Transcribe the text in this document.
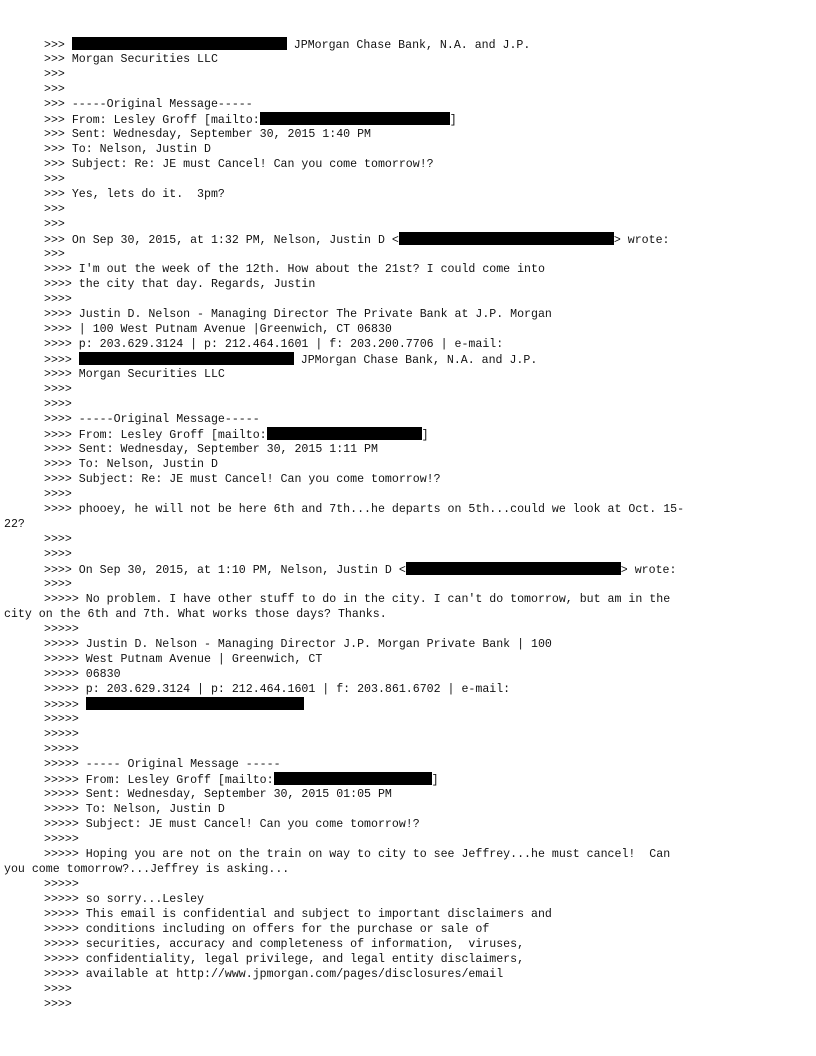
>>>	JPMorgan Chase Bank, N.A. and J.P.
>>> Morgan Securities LLC
>>>
>>>
>>> -----Original Message-----
>>> From: Lesley Groff [mailto:	]
>>> Sent: Wednesday, September 30, 2015 1:40 PM
>>> To: Nelson, Justin D
>>> Subject: Re: JE must Cancel! Can you come tomorrow!?
>>>
>>> Yes, lets do it.  3pm?
>>>
>>>
>>> On Sep 30, 2015, at 1:32 PM, Nelson, Justin D <	> wrote:
>>>
>>>> I'm out the week of the 12th. How about the 21st? I could come into
>>>> the city that day. Regards, Justin
>>>>
>>>> Justin D. Nelson - Managing Director The Private Bank at J.P. Morgan
>>>> | 100 West Putnam Avenue |Greenwich, CT 06830
>>>> p: 203.629.3124 | p: 212.464.1601 | f: 203.200.7706 | e-mail:
>>>>	JPMorgan Chase Bank, N.A. and J.P.
>>>> Morgan Securities LLC
>>>>
>>>>
>>>> -----Original Message-----
>>>> From: Lesley Groff [mailto:	]
>>>> Sent: Wednesday, September 30, 2015 1:11 PM
>>>> To: Nelson, Justin D
>>>> Subject: Re: JE must Cancel! Can you come tomorrow!?
>>>>
>>>> phooey, he will not be here 6th and 7th...he departs on 5th...could we look at Oct. 15-
22?
>>>>
>>>>
>>>> On Sep 30, 2015, at 1:10 PM, Nelson, Justin D <	> wrote:
>>>>
>>>>> No problem. I have other stuff to do in the city. I can't do tomorrow, but am in the
city on the 6th and 7th. What works those days? Thanks.
>>>>>
>>>>> Justin D. Nelson - Managing Director J.P. Morgan Private Bank | 100
>>>>> West Putnam Avenue | Greenwich, CT
>>>>> 06830
>>>>> p: 203.629.3124 | p: 212.464.1601 | f: 203.861.6702 | e-mail:
>>>>>
>>>>>
>>>>>
>>>>>
>>>>> ----- Original Message -----
>>>>> From: Lesley Groff [mailto:	]
>>>>> Sent: Wednesday, September 30, 2015 01:05 PM
>>>>> To: Nelson, Justin D
>>>>> Subject: JE must Cancel! Can you come tomorrow!?
>>>>>
>>>>> Hoping you are not on the train on way to city to see Jeffrey...he must cancel!  Can
you come tomorrow?...Jeffrey is asking...
>>>>>
>>>>> so sorry...Lesley
>>>>> This email is confidential and subject to important disclaimers and
>>>>> conditions including on offers for the purchase or sale of
>>>>> securities, accuracy and completeness of information,  viruses,
>>>>> confidentiality, legal privilege, and legal entity disclaimers,
>>>>> available at http://www.jpmorgan.com/pages/disclosures/email
>>>>
>>>>
